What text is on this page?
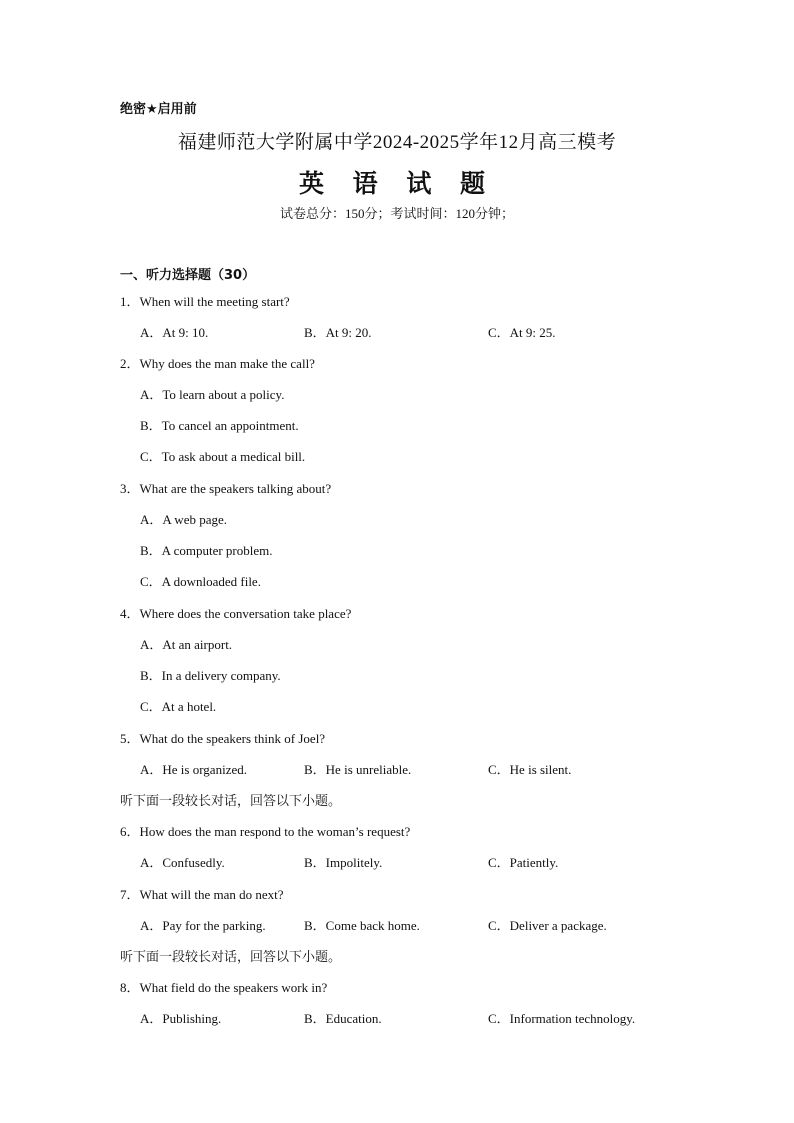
绝密★启用前
福建师范大学附属中学2024-2025学年12月高三模考
英 语 试 题
试卷总分：150分；考试时间：120分钟；
一、听力选择题（30）
1．When will the meeting start?
A．At 9: 10.	B．At 9: 20.	C．At 9: 25.
2．Why does the man make the call?
A．To learn about a policy.
B．To cancel an appointment.
C．To ask about a medical bill.
3．What are the speakers talking about?
A．A web page.
B．A computer problem.
C．A downloaded file.
4．Where does the conversation take place?
A．At an airport.
B．In a delivery company.
C．At a hotel.
5．What do the speakers think of Joel?
A．He is organized.	B．He is unreliable.	C．He is silent.
听下面一段较长对话，回答以下小题。
6．How does the man respond to the woman’s request?
A．Confusedly.	B．Impolitely.	C．Patiently.
7．What will the man do next?
A．Pay for the parking.	B．Come back home.	C．Deliver a package.
听下面一段较长对话，回答以下小题。
8．What field do the speakers work in?
A．Publishing.	B．Education.	C．Information technology.
